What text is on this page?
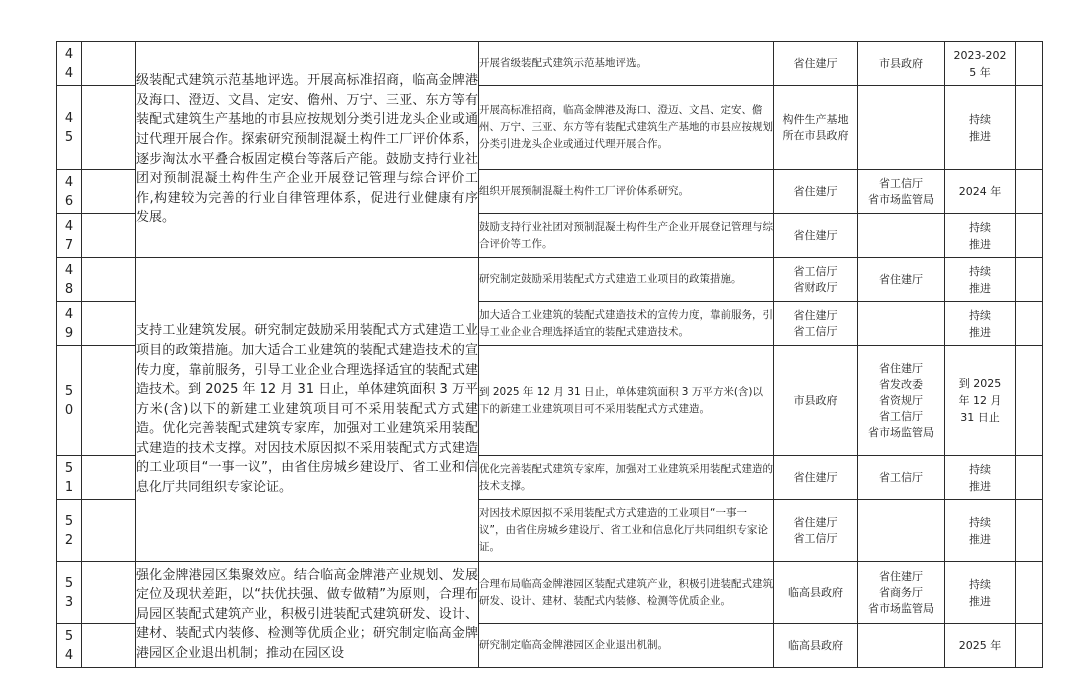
4
4		级装配式建筑示范基地评选。开展高标准招商，临高金牌港及海口、澄迈、文昌、定安、儋州、万宁、三亚、东方等有装配式建筑生产基地的市县应按规划分类引进龙头企业或通过代理开展合作。探索研究预制混凝土构件工厂评价体系，逐步淘汰水平叠合板固定模台等落后产能。鼓励支持行业社团对预制混凝土构件生产企业开展登记管理与综合评价工作,构建较为完善的行业自律管理体系，促进行业健康有序发展。	开展省级装配式建筑示范基地评选。	省住建厅	市县政府	2023-202
5 年	

4
5			开展高标准招商，临高金牌港及海口、澄迈、文昌、定安、儋州、万宁、三亚、东方等有装配式建筑生产基地的市县应按规划分类引进龙头企业或通过代理开展合作。	构件生产基地
所在市县政府		持续
推进	

4
6			组织开展预制混凝土构件工厂评价体系研究。	省住建厅	省工信厅
省市场监管局	2024 年	

4
7			鼓励支持行业社团对预制混凝土构件生产企业开展登记管理与综合评价等工作。	省住建厅		持续
推进	

4
8		支持工业建筑发展。研究制定鼓励采用装配式方式建造工业项目的政策措施。加大适合工业建筑的装配式建造技术的宣传力度，靠前服务，引导工业企业合理选择适宜的装配式建造技术。到 2025 年 12 月 31 日止，单体建筑面积 3 万平方米(含)以下的新建工业建筑项目可不采用装配式方式建造。优化完善装配式建筑专家库，加强对工业建筑采用装配式建造的技术支撑。对因技术原因拟不采用装配式方式建造的工业项目“一事一议”，由省住房城乡建设厅、省工业和信息化厅共同组织专家论证。	研究制定鼓励采用装配式方式建造工业项目的政策措施。	省工信厅
省财政厅	省住建厅	持续
推进	

4
9			加大适合工业建筑的装配式建造技术的宣传力度，靠前服务，引导工业企业合理选择适宜的装配式建造技术。	省住建厅
省工信厅		持续
推进	

5
0			到 2025 年 12 月 31 日止，单体建筑面积 3 万平方米(含)以下的新建工业建筑项目可不采用装配式方式建造。	市县政府	省住建厅
省发改委
省资规厅
省工信厅
省市场监管局	到 2025
年 12 月
31 日止	

5
1			优化完善装配式建筑专家库，加强对工业建筑采用装配式建造的技术支撑。	省住建厅	省工信厅	持续
推进	

5
2			对因技术原因拟不采用装配式方式建造的工业项目“一事一议”，由省住房城乡建设厅、省工业和信息化厅共同组织专家论证。	省住建厅
省工信厅		持续
推进	

5
3		强化金牌港园区集聚效应。结合临高金牌港产业规划、发展定位及现状差距，以“扶优扶强、做专做精”为原则，合理布局园区装配式建筑产业，积极引进装配式建筑研发、设计、建材、装配式内装修、检测等优质企业；研究制定临高金牌港园区企业退出机制；推动在园区设	合理布局临高金牌港园区装配式建筑产业，积极引进装配式建筑研发、设计、建材、装配式内装修、检测等优质企业。	临高县政府	省住建厅
省商务厅
省市场监管局	持续
推进	

5
4			研究制定临高金牌港园区企业退出机制。	临高县政府		2025 年	
